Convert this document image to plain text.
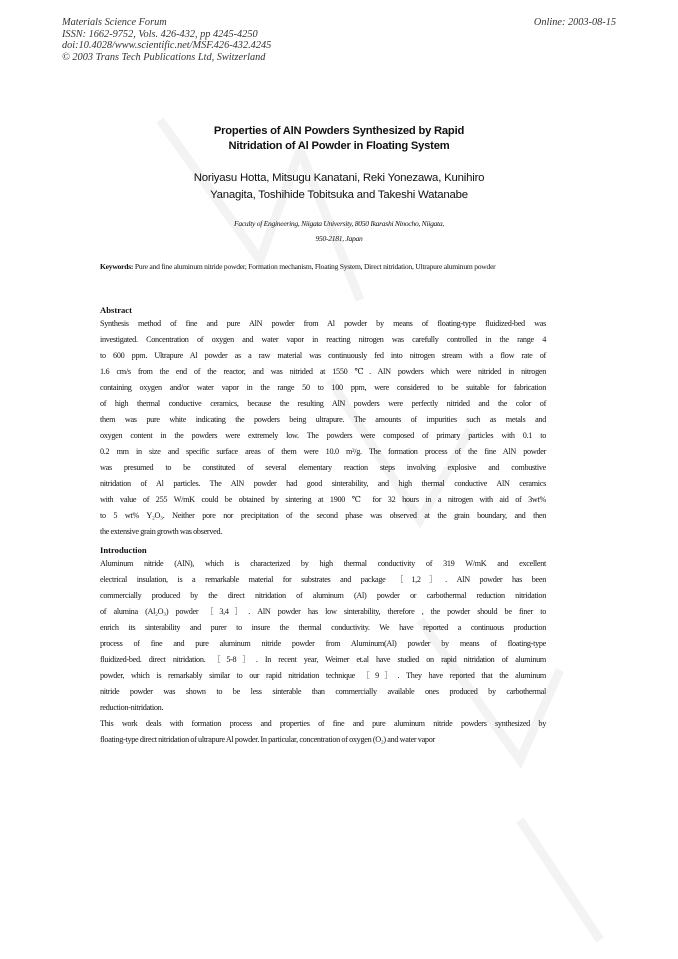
Materials Science Forum
ISSN: 1662-9752, Vols. 426-432, pp 4245-4250
doi:10.4028/www.scientific.net/MSF.426-432.4245
© 2003 Trans Tech Publications Ltd, Switzerland
Online: 2003-08-15
Properties of AlN Powders Synthesized by Rapid
Nitridation of Al Powder in Floating System
Noriyasu Hotta, Mitsugu Kanatani, Reki Yonezawa, Kunihiro
Yanagita, Toshihide Tobitsuka and Takeshi Watanabe
Faculty of Engineering, Niigata University, 8050 Ikarashi Ninocho, Niigata,
950-2181, Japan
Keywords: Pure and fine aluminum nitride powder, Formation mechanism, Floating System, Direct nitridation, Ultrapure aluminum powder
Abstract
Synthesis method of fine and pure AlN powder from Al powder by means of floating-type fluidized-bed was
investigated. Concentration of oxygen and water vapor in reacting nitrogen was carefully controlled in the range 4
to 600 ppm. Ultrapure Al powder as a raw material was continuously fed into nitrogen stream with a flow rate of
1.6 cm/s from the end of the reactor, and was nitrided at 1550 ℃. AlN powders which were nitrided in nitrogen
containing oxygen and/or water vapor in the range 50 to 100 ppm, were considered to be suitable for fabrication
of high thermal conductive ceramics, because the resulting AlN powders were perfectly nitrided and the color of
them was pure white indicating the powders being ultrapure. The amounts of impurities such as metals and
oxygen content in the powders were extremely low. The powders were composed of primary particles with 0.1 to
0.2 mm in size and specific surface areas of them were 10.0 m²/g. The formation process of the fine AlN powder
was presumed to be constituted of several elementary reaction steps involving explosive and combustive
nitridation of Al particles. The AlN powder had good sinterability, and high thermal conductive AlN ceramics
with value of 255 W/mK could be obtained by sintering at 1900 ℃ for 32 hours in a nitrogen with aid of 3wt%
to 5 wt% Y₂O₃. Neither pore nor precipitation of the second phase was observed at the grain boundary, and then
the extensive grain growth was observed.
Introduction
Aluminum nitride (AlN), which is characterized by high thermal conductivity of 319 W/mK and excellent
electrical insulation, is a remarkable material for substrates and package ［1,2］. AlN powder has been
commercially produced by the direct nitridation of aluminum (Al) powder or carbothermal reduction nitridation
of alumina (Al₂O₃) powder ［3,4］. AlN powder has low sinterability, therefore , the powder should be finer to
enrich its sinterability and purer to insure the thermal conductivity. We have reported a continuous production
process of fine and pure aluminum nitride powder from Aluminum(Al) powder by means of floating-type
fluidized-bed. direct nitridation. ［5-8］. In recent year, Weimer et.al have studied on rapid nitridation of aluminum
powder, which is remarkably similar to our rapid nitridation technique ［9］. They have reported that the aluminum
nitride powder was shown to be less sinterable than commercially available ones produced by carbothermal
reduction-nitridation.
This work deals with formation process and properties of fine and pure aluminum nitride powders synthesized by
floating-type direct nitridation of ultrapure Al powder. In particular, concentration of oxygen (O₂) and water vapor
